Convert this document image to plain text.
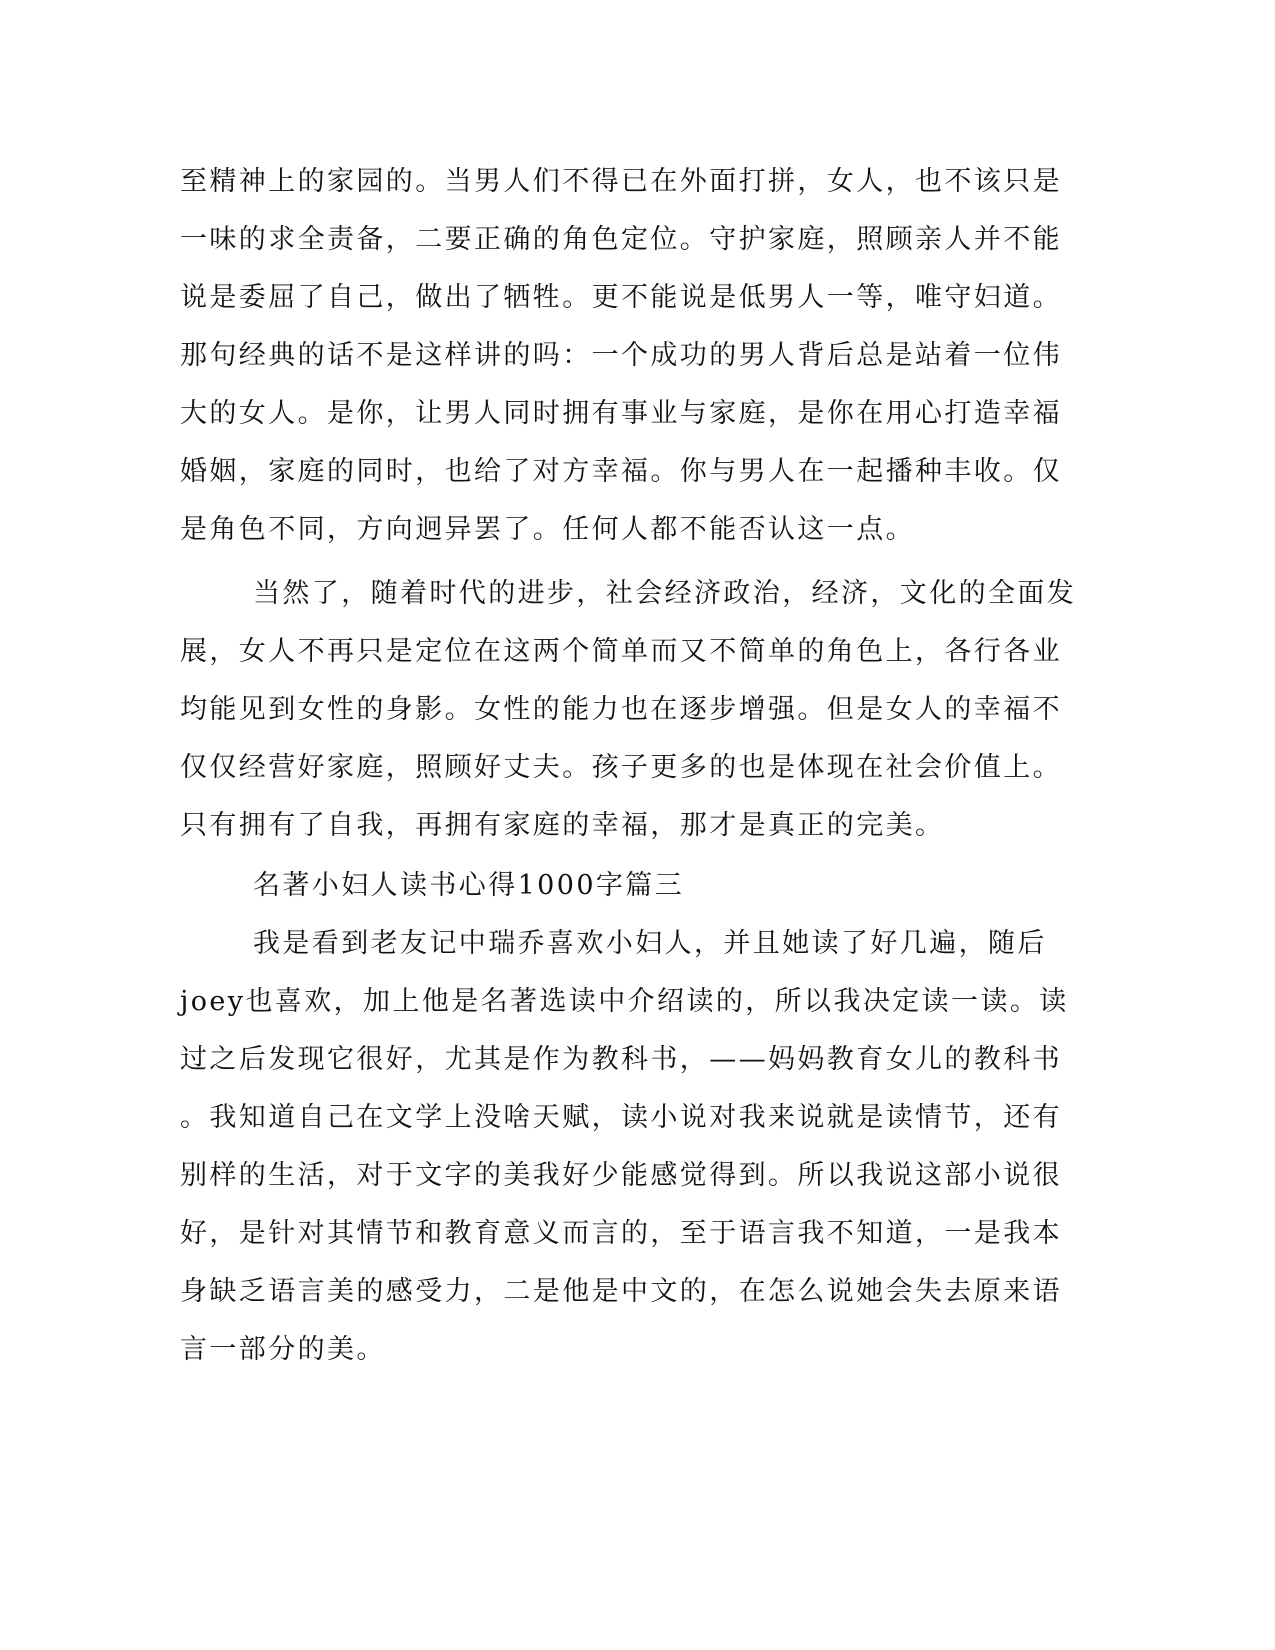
至精神上的家园的。当男人们不得已在外面打拼，女人，也不该只是
一味的求全责备，二要正确的角色定位。守护家庭，照顾亲人并不能
说是委屈了自己，做出了牺牲。更不能说是低男人一等，唯守妇道。
那句经典的话不是这样讲的吗：一个成功的男人背后总是站着一位伟
大的女人。是你，让男人同时拥有事业与家庭，是你在用心打造幸福
婚姻，家庭的同时，也给了对方幸福。你与男人在一起播种丰收。仅
是角色不同，方向迥异罢了。任何人都不能否认这一点。
当然了，随着时代的进步，社会经济政治，经济，文化的全面发
展，女人不再只是定位在这两个简单而又不简单的角色上，各行各业
均能见到女性的身影。女性的能力也在逐步增强。但是女人的幸福不
仅仅经营好家庭，照顾好丈夫。孩子更多的也是体现在社会价值上。
只有拥有了自我，再拥有家庭的幸福，那才是真正的完美。
名著小妇人读书心得1000字篇三
我是看到老友记中瑞乔喜欢小妇人，并且她读了好几遍，随后
joey也喜欢，加上他是名著选读中介绍读的，所以我决定读一读。读
过之后发现它很好，尤其是作为教科书，——妈妈教育女儿的教科书
。我知道自己在文学上没啥天赋，读小说对我来说就是读情节，还有
别样的生活，对于文字的美我好少能感觉得到。所以我说这部小说很
好，是针对其情节和教育意义而言的，至于语言我不知道，一是我本
身缺乏语言美的感受力，二是他是中文的，在怎么说她会失去原来语
言一部分的美。
